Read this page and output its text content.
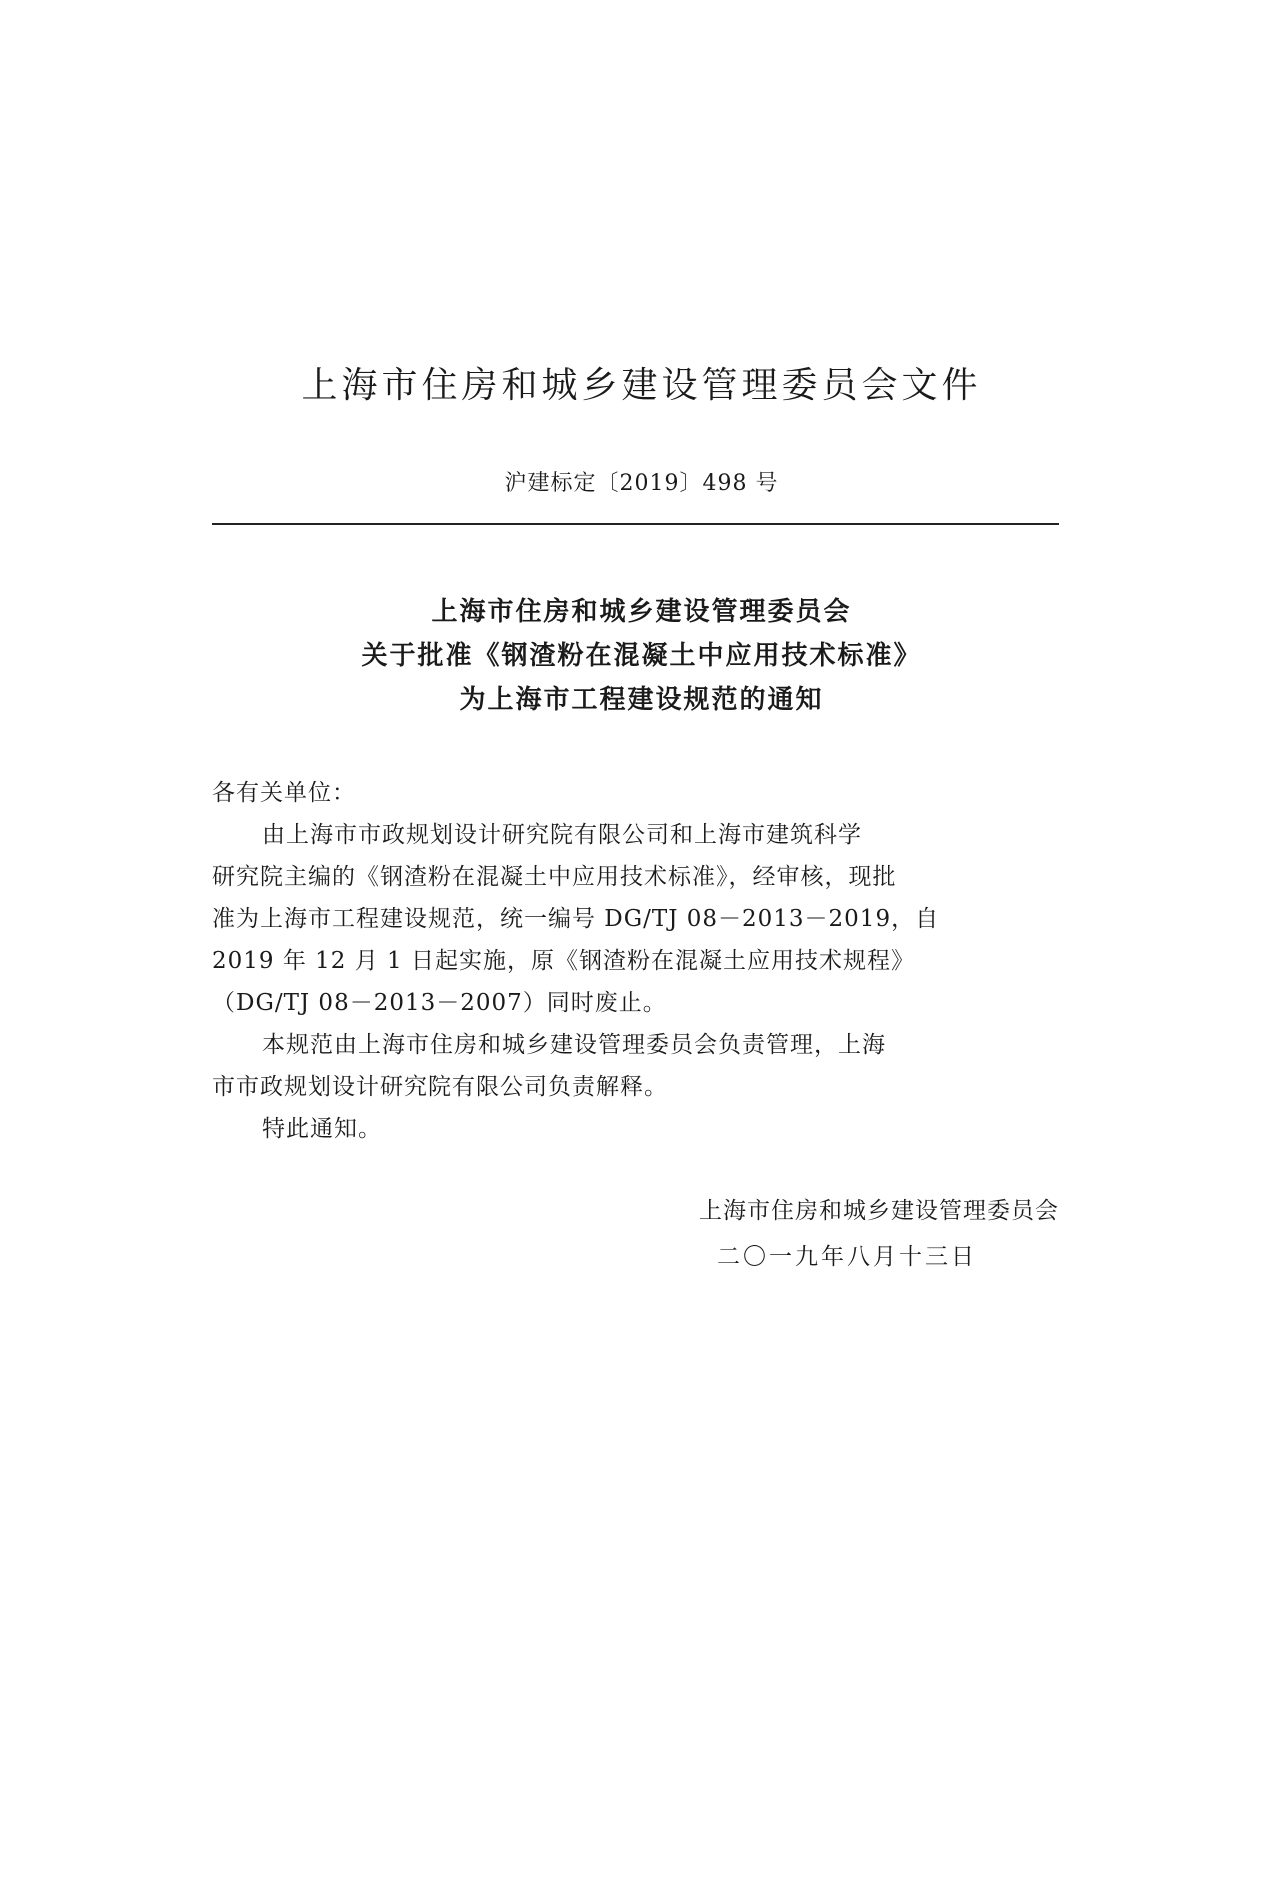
上海市住房和城乡建设管理委员会文件
沪建标定〔2019〕498 号
上海市住房和城乡建设管理委员会
关于批准《钢渣粉在混凝土中应用技术标准》
为上海市工程建设规范的通知

各有关单位：

由上海市市政规划设计研究院有限公司和上海市建筑科学

研究院主编的《钢渣粉在混凝土中应用技术标准》，经审核，现批

准为上海市工程建设规范，统一编号 DG/TJ 08－2013－2019，自

2019 年 12 月 1 日起实施，原《钢渣粉在混凝土应用技术规程》

（DG/TJ 08－2013－2007）同时废止。

本规范由上海市住房和城乡建设管理委员会负责管理，上海

市市政规划设计研究院有限公司负责解释。

特此通知。

上海市住房和城乡建设管理委员会
二〇一九年八月十三日
